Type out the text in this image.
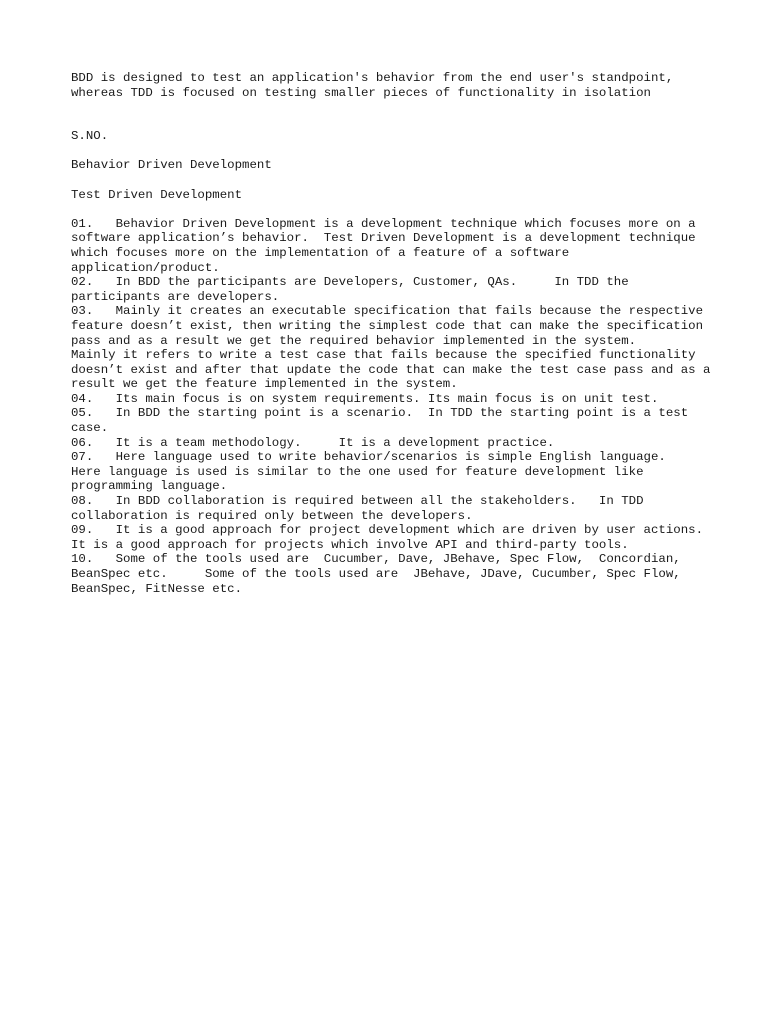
BDD is designed to test an application's behavior from the end user's standpoint, whereas TDD is focused on testing smaller pieces of functionality in isolation

S.NO.

Behavior Driven Development

Test Driven Development

01.   Behavior Driven Development is a development technique which focuses more on a software application’s behavior.  Test Driven Development is a development technique which focuses more on the implementation of a feature of a software application/product.

02.   In BDD the participants are Developers, Customer, QAs.     In TDD the participants are developers.

03.   Mainly it creates an executable specification that fails because the respective feature doesn’t exist, then writing the simplest code that can make the specification pass and as a result we get the required behavior implemented in the system.     Mainly it refers to write a test case that fails because the specified functionality doesn’t exist and after that update the code that can make the test case pass and as a result we get the feature implemented in the system.

04.   Its main focus is on system requirements. Its main focus is on unit test.

05.   In BDD the starting point is a scenario.  In TDD the starting point is a test case.

06.   It is a team methodology.     It is a development practice.

07.   Here language used to write behavior/scenarios is simple English language.     Here language is used is similar to the one used for feature development like programming language.

08.   In BDD collaboration is required between all the stakeholders.   In TDD collaboration is required only between the developers.

09.   It is a good approach for project development which are driven by user actions.    It is a good approach for projects which involve API and third-party tools.

10.   Some of the tools used are  Cucumber, Dave, JBehave, Spec Flow,  Concordian, BeanSpec etc.     Some of the tools used are  JBehave, JDave, Cucumber, Spec Flow, BeanSpec, FitNesse etc.
